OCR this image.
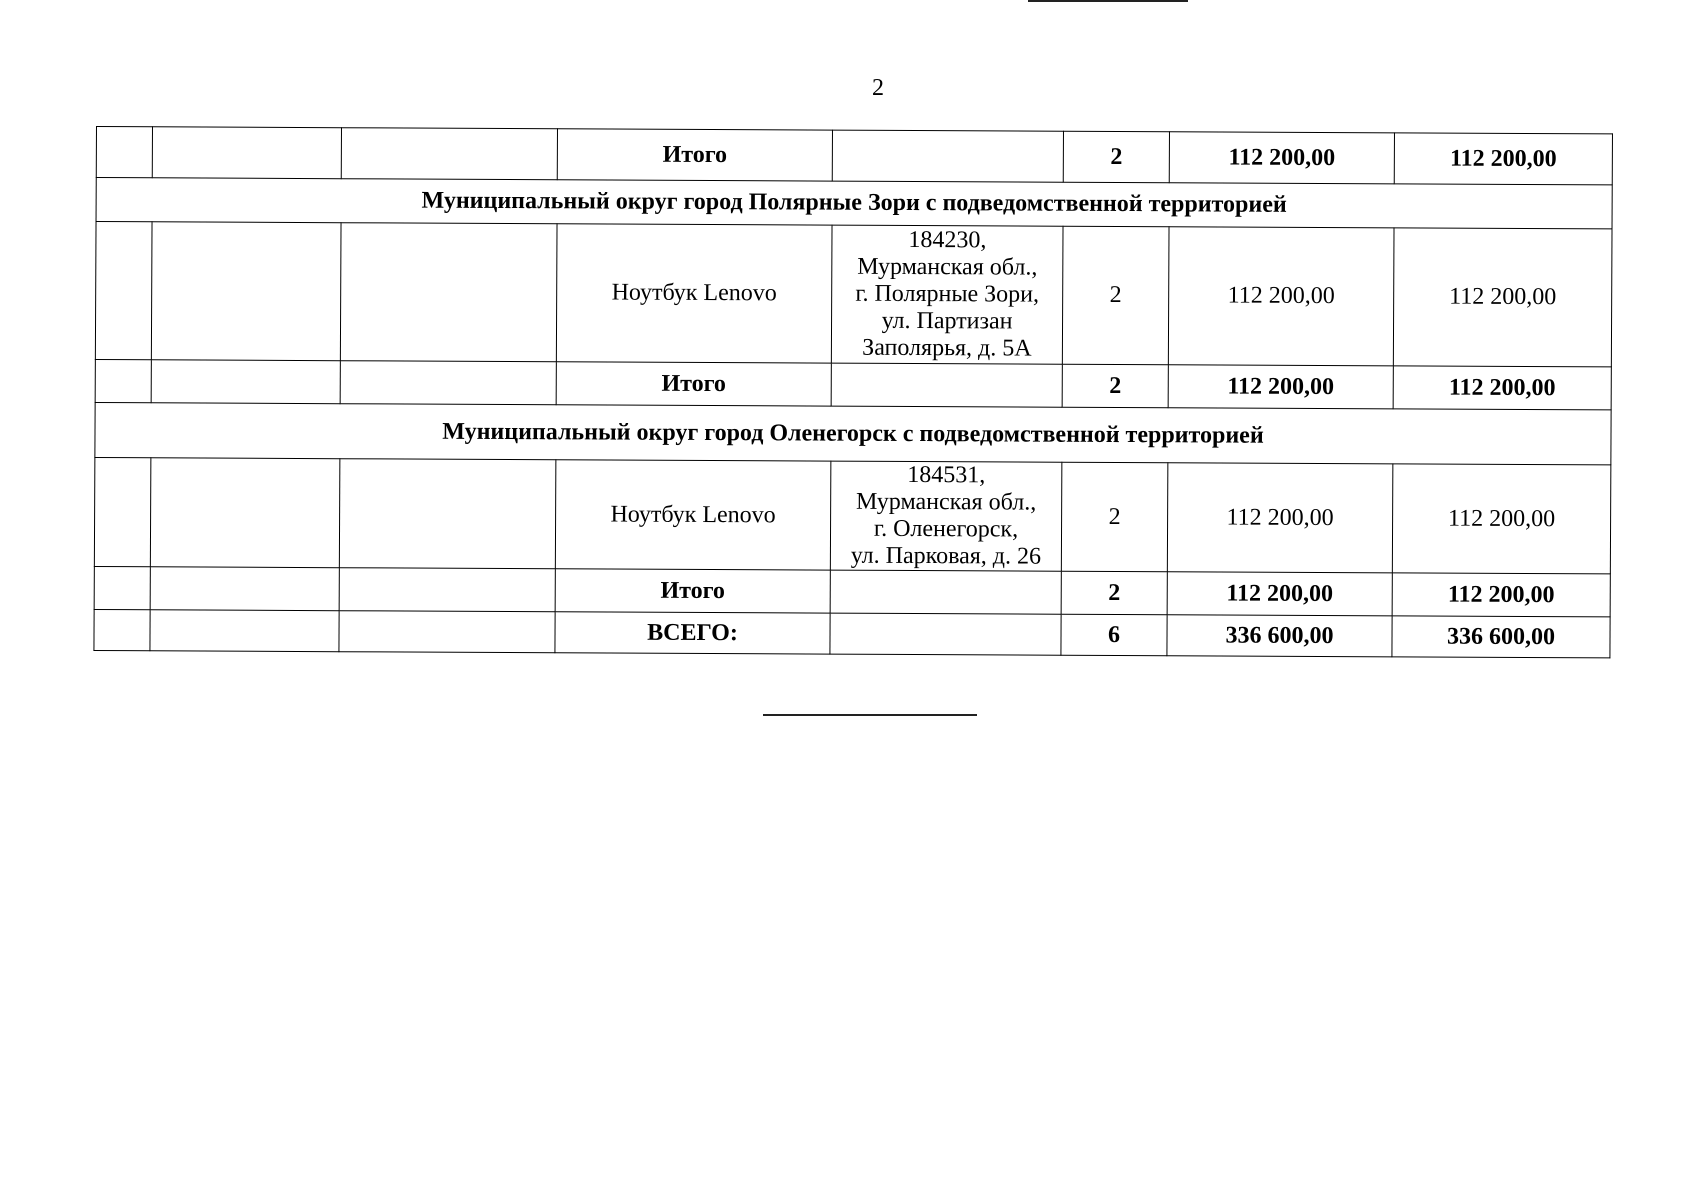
2
			Итого		2	112 200,00	112 200,00
Муниципальный округ город Полярные Зори с подведомственной территорией							
			Ноутбук Lenovo	184230,
Мурманская обл.,
г. Полярные Зори,
ул. Партизан
Заполярья, д. 5А	2	112 200,00	112 200,00
			Итого		2	112 200,00	112 200,00
Муниципальный округ город Оленегорск с подведомственной территорией							
			Ноутбук Lenovo	184531,
Мурманская обл.,
г. Оленегорск,
ул. Парковая, д. 26	2	112 200,00	112 200,00
			Итого		2	112 200,00	112 200,00
			ВСЕГО:		6	336 600,00	336 600,00
